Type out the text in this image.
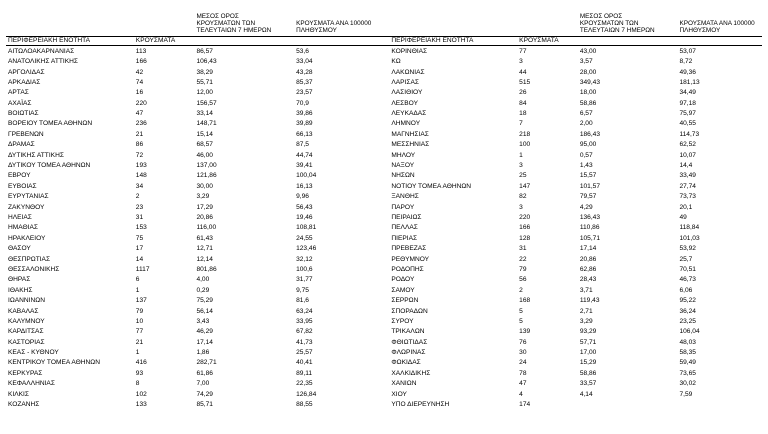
		ΜΕΣΟΣ ΟΡΟΣ
ΚΡΟΥΣΜΑΤΩΝ ΤΩΝ
ΤΕΛΕΥΤΑΙΩΝ 7 ΗΜΕΡΩΝ	ΚΡΟΥΣΜΑΤΑ ΑΝΑ 100000
ΠΛΗΘΥΣΜΟΥ				ΜΕΣΟΣ ΟΡΟΣ
ΚΡΟΥΣΜΑΤΩΝ ΤΩΝ
ΤΕΛΕΥΤΑΙΩΝ 7 ΗΜΕΡΩΝ	ΚΡΟΥΣΜΑΤΑ ΑΝΑ 100000
ΠΛΗΘΥΣΜΟΥ

ΠΕΡΙΦΕΡΕΙΑΚΗ ΕΝΟΤΗΤΑ	ΚΡΟΥΣΜΑΤΑ				ΠΕΡΙΦΕΡΕΙΑΚΗ ΕΝΟΤΗΤΑ	ΚΡΟΥΣΜΑΤΑ		
ΑΙΤΩΛΟΑΚΑΡΝΑΝΙΑΣ	113	86,57	53,6		ΚΟΡΙΝΘΙΑΣ	77	43,00	53,07
ΑΝΑΤΟΛΙΚΗΣ ΑΤΤΙΚΗΣ	166	106,43	33,04		ΚΩ	3	3,57	8,72
ΑΡΓΟΛΙΔΑΣ	42	38,29	43,28		ΛΑΚΩΝΙΑΣ	44	28,00	49,36
ΑΡΚΑΔΙΑΣ	74	55,71	85,37		ΛΑΡΙΣΑΣ	515	349,43	181,13
ΑΡΤΑΣ	16	12,00	23,57		ΛΑΣΙΘΙΟΥ	26	18,00	34,49
ΑΧΑΪΑΣ	220	156,57	70,9		ΛΕΣΒΟΥ	84	58,86	97,18
ΒΟΙΩΤΙΑΣ	47	33,14	39,86		ΛΕΥΚΑΔΑΣ	18	6,57	75,97
ΒΟΡΕΙΟΥ ΤΟΜΕΑ ΑΘΗΝΩΝ	236	148,71	39,89		ΛΗΜΝΟΥ	7	2,00	40,55
ΓΡΕΒΕΝΩΝ	21	15,14	66,13		ΜΑΓΝΗΣΙΑΣ	218	186,43	114,73
ΔΡΑΜΑΣ	86	68,57	87,5		ΜΕΣΣΗΝΙΑΣ	100	95,00	62,52
ΔΥΤΙΚΗΣ ΑΤΤΙΚΗΣ	72	46,00	44,74		ΜΗΛΟΥ	1	0,57	10,07
ΔΥΤΙΚΟΥ ΤΟΜΕΑ ΑΘΗΝΩΝ	193	137,00	39,41		ΝΑΞΟΥ	3	1,43	14,4
ΕΒΡΟΥ	148	121,86	100,04		ΝΗΣΩΝ	25	15,57	33,49
ΕΥΒΟΙΑΣ	34	30,00	16,13		ΝΟΤΙΟΥ ΤΟΜΕΑ ΑΘΗΝΩΝ	147	101,57	27,74
ΕΥΡΥΤΑΝΙΑΣ	2	3,29	9,96		ΞΑΝΘΗΣ	82	79,57	73,73
ΖΑΚΥΝΘΟΥ	23	17,29	56,43		ΠΑΡΟΥ	3	4,29	20,1
ΗΛΕΙΑΣ	31	20,86	19,46		ΠΕΙΡΑΙΩΣ	220	136,43	49
ΗΜΑΘΙΑΣ	153	116,00	108,81		ΠΕΛΛΑΣ	166	110,86	118,84
ΗΡΑΚΛΕΙΟΥ	75	61,43	24,55		ΠΙΕΡΙΑΣ	128	105,71	101,03
ΘΑΣΟΥ	17	12,71	123,46		ΠΡΕΒΕΖΑΣ	31	17,14	53,92
ΘΕΣΠΡΩΤΙΑΣ	14	12,14	32,12		ΡΕΘΥΜΝΟΥ	22	20,86	25,7
ΘΕΣΣΑΛΟΝΙΚΗΣ	1117	801,86	100,6		ΡΟΔΟΠΗΣ	79	62,86	70,51
ΘΗΡΑΣ	6	4,00	31,77		ΡΟΔΟΥ	56	28,43	46,73
ΙΘΑΚΗΣ	1	0,29	9,75		ΣΑΜΟΥ	2	3,71	6,06
ΙΩΑΝΝΙΝΩΝ	137	75,29	81,6		ΣΕΡΡΩΝ	168	119,43	95,22
ΚΑΒΑΛΑΣ	79	56,14	63,24		ΣΠΟΡΑΔΩΝ	5	2,71	36,24
ΚΑΛΥΜΝΟΥ	10	3,43	33,95		ΣΥΡΟΥ	5	3,29	23,25
ΚΑΡΔΙΤΣΑΣ	77	46,29	67,82		ΤΡΙΚΑΛΩΝ	139	93,29	106,04
ΚΑΣΤΟΡΙΑΣ	21	17,14	41,73		ΦΘΙΩΤΙΔΑΣ	76	57,71	48,03
ΚΕΑΣ - ΚΥΘΝΟΥ	1	1,86	25,57		ΦΛΩΡΙΝΑΣ	30	17,00	58,35
ΚΕΝΤΡΙΚΟΥ ΤΟΜΕΑ ΑΘΗΝΩΝ	416	282,71	40,41		ΦΩΚΙΔΑΣ	24	15,29	59,49
ΚΕΡΚΥΡΑΣ	93	61,86	89,11		ΧΑΛΚΙΔΙΚΗΣ	78	58,86	73,65
ΚΕΦΑΛΛΗΝΙΑΣ	8	7,00	22,35		ΧΑΝΙΩΝ	47	33,57	30,02
ΚΙΛΚΙΣ	102	74,29	126,84		ΧΙΟΥ	4	4,14	7,59
ΚΟΖΑΝΗΣ	133	85,71	88,55		ΥΠΟ ΔΙΕΡΕΥΝΗΣΗ	174		
